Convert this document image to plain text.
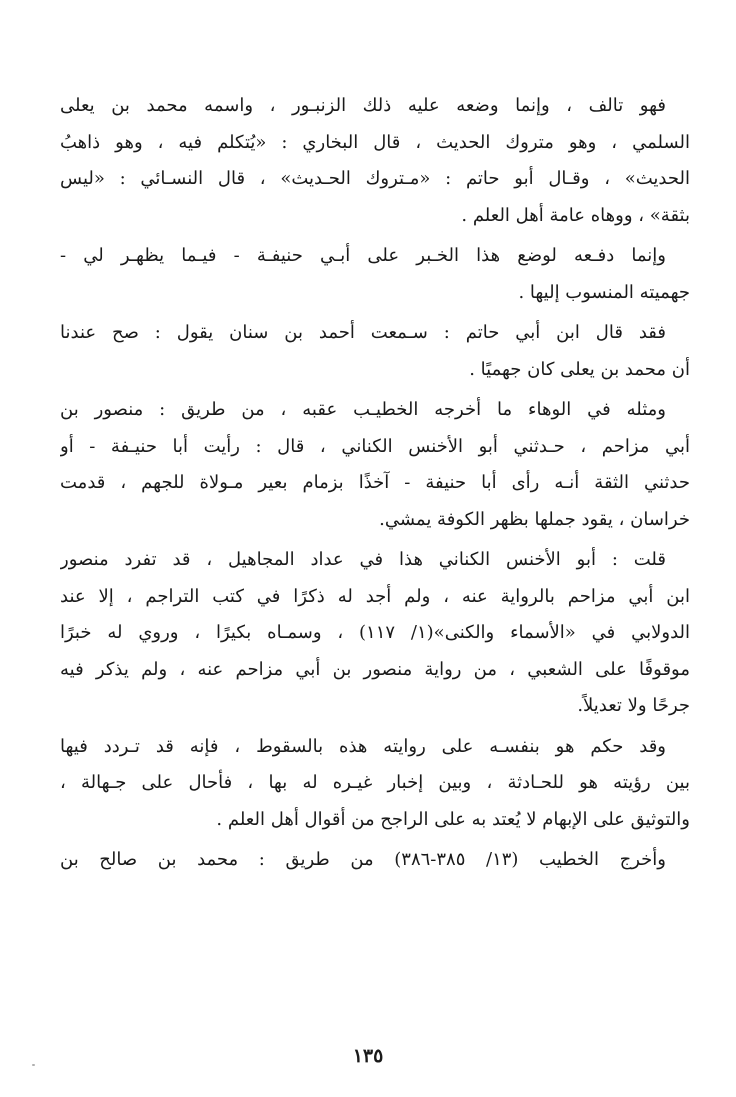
فهو تالف ، وإنما وضعه عليه ذلك الزنبـور ، واسمه محمد بن يعلى
السلمي ، وهو متروك الحديث ، قال البخاري : «يُتكلم فيه ، وهو ذاهبُ
الحديث» ، وقـال أبو حاتم : «مـتروك الحـديث» ، قال النسـائي : «ليس
بثقة» ، ووهاه عامة أهل العلم .
وإنما دفـعه لوضع هذا الخـبر على أبـي حنيفـة - فيـما يظهـر لي -
جهميته المنسوب إليها .
فقد قال ابن أبي حاتم : سـمعت أحمد بن سنان يقول : صح عندنا
أن محمد بن يعلى كان جهميًا .
ومثله في الوهاء ما أخرجه الخطيـب عقبه ، من طريق : منصور بن
أبي مزاحم ، حـدثني أبو الأخنس الكناني ، قال : رأيت أبا حنيـفة - أو
حدثني الثقة أنـه رأى أبا حنيفة - آخذًا بزمام بعير مـولاة للجهم ، قدمت
خراسان ، يقود جملها بظهر الكوفة يمشي.
قلت : أبو الأخنس الكناني هذا في عداد المجاهيل ، قد تفرد منصور
ابن أبي مزاحم بالرواية عنه ، ولم أجد له ذكرًا في كتب التراجم ، إلا عند
الدولابي في «الأسماء والكنى»(١/ ١١٧) ، وسمـاه بكيرًا ، وروي له خبرًا
موقوفًا على الشعبي ، من رواية منصور بن أبي مزاحم عنه ، ولم يذكر فيه
جرحًا ولا تعديلاً.
وقد حكم هو بنفسـه على روايته هذه بالسقوط ، فإنه قد تـردد فيها
بين رؤيته هو للحـادثة ، وبين إخبار غيـره له بها ، فأحال على جـهالة ،
والتوثيق على الإبهام لا يُعتد به على الراجح من أقوال أهل العلم .
وأخرج الخطيب (١٣/ ٣٨٥-٣٨٦) من طريق : محمد بن صالح بن
١٣٥
